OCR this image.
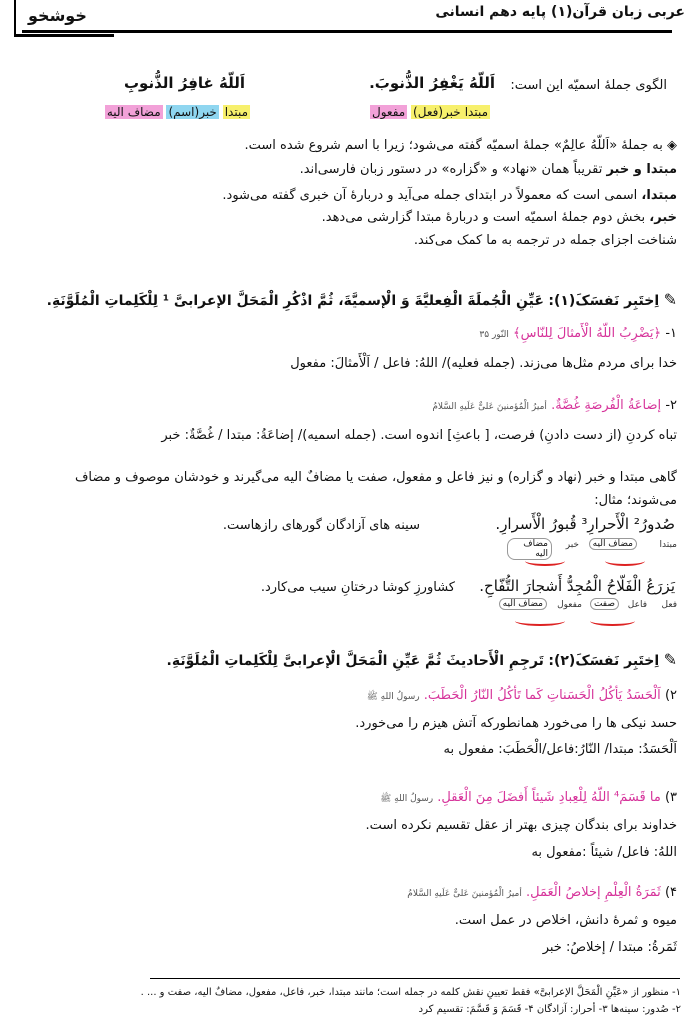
عربی زبان قرآن(۱) پایه دهم انسانی
خوشخو
الگوی جملهٔ اسمیّه این است:
اَللّهُ یَغْفِرُ الذُّنوبَ.
اَللّهُ غافِرُ الذُّنوبِ
مبتداخبر(فعل) مفعول
مبتدا خبر(اسم) مضاف الیه
◈ به جملهٔ «اَللّهُ عالِمٌ» جملهٔ اسمیّه گفته می‌شود؛ زیرا با اسم شروع شده است.
مبتدا و خبر تقریباً همان «نهاد» و «گزاره» در دستور زبان فارسی‌اند.
مبتدا، اسمی است که معمولاً در ابتدای جمله می‌آید و دربارهٔ آن خبری گفته می‌شود.
خبر، بخش دوم جملهٔ اسمیّه است و دربارهٔ مبتدا گزارشی می‌دهد.
شناخت اجزای جمله در ترجمه به ما کمک می‌کند.
✎ اِختَبِر نَفسَکَ(۱): عَیِّنِ الْجُملَةَ الْفِعلیَّةَ وَ الْإسمیَّةَ، ثُمَّ اذْکُرِ الْمَحَلَّ الإعرابیَّ ¹ لِلْکَلِماتِ الْمُلَوَّنَةِ.
۱- ﴿یَضْرِبُ اللّهُ الْأَمثالَ لِلنّاسِ﴾ النّور ۳۵
خدا برای مردم مثل‌ها می‌زند. (جمله فعلیه)/ اللهُ: فاعل / اَلْأَمثالَ: مفعول
۲- إضاعَةُ الْفُرصَةِ غُصَّةٌ. أمیرُ الْمُؤمنینَ عَلیٌّ عَلَیهِ السَّلامُ
تباه کردنِ (از دست دادنِ) فرصت، [ باعثِ] اندوه است. (جمله اسمیه)/ إضاعَةُ: مبتدا / غُصَّةٌ: خبر
گاهی مبتدا و خبر (نهاد و گزاره) و نیز فاعل و مفعول، صفت یا مضافٌ الیه می‌گیرند و خودشان موصوف و مضاف
می‌شوند؛ مثال:
صُدورُ² الْأَحرارِ³ قُبورُ الْأَسرارِ.
سینه های آزادگان گورهای رازهاست.
مبتدا
مضاف الیه
خبر
مضاف الیه
یَزرَعُ الْفَلّاحُ الْمُجِدُّ أَشجارَ التُّفّاحِ.
کشاورزِ کوشا درختانِ سیب می‌کارد.
فعل
فاعل
صفت
مفعول
مضاف الیه
✎ اِختَبِر نَفسَکَ(۲): تَرجِمِ الْأَحادیثَ ثُمَّ عَیِّنِ الْمَحَلَّ الْإعرابیَّ لِلْکَلِماتِ الْمُلَوَّنَةِ.
۲) اَلْحَسَدُ یَأکُلُ الْحَسَناتِ کَما تَأکُلُ النّارُ الْحَطَبَ. رسولُ اللهِ ﷺ
حسد نیکی ها را می‌خورد همانطورکه آتش هیزم را می‌خورد.
اَلْحَسَدُ: مبتدا/ النّارُ:فاعل/الْحَطَبَ: مفعول به
۳) ما قَسَمَ⁴ اللّهُ لِلْعِبادِ شَیئاً أَفضَلَ مِنَ الْعَقلِ. رسولُ اللهِ ﷺ
خداوند برای بندگان چیزی بهتر از عقل تقسیم نکرده است.
اللهُ: فاعل/ شیئاً :مفعول به
۴) ثَمَرَةُ الْعِلْمِ إخلاصُ الْعَمَلِ. أمیرُ الْمُؤمنینَ عَلیٌّ عَلَیهِ السَّلامُ
میوه و ثمرهٔ دانش، اخلاص در عمل است.
ثَمَرةُ: مبتدا / إخلاصُ: خبر
۱- منظور از «عَیِّنِ الْمَحَلَّ الإعرابیَّ» فقط تعیینِ نقش کلمه در جمله است؛ مانند مبتدا، خبر، فاعل، مفعول، مضافٌ الیه، صفت و ... .
۲- صُدور: سینه‌ها ۳- أحرار: آزادگان ۴- قَسَمَ وَ قَسَّمَ: تقسیم کرد
